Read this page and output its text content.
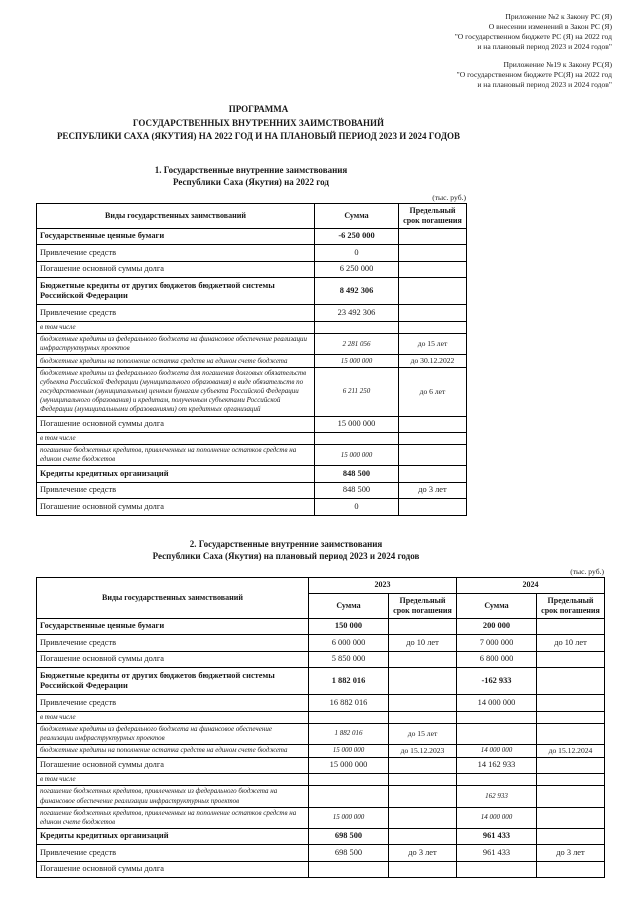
Приложение №2 к Закону РС (Я)
О внесении изменений в Закон РС (Я)
"О государственном бюджете РС (Я) на 2022 год
и на плановый период 2023 и 2024 годов"
Приложение №19 к Закону РС(Я)
"О государственном бюджете РС(Я) на 2022 год
и на плановый период 2023 и 2024 годов"
ПРОГРАММА
ГОСУДАРСТВЕННЫХ ВНУТРЕННИХ ЗАИМСТВОВАНИЙ
РЕСПУБЛИКИ САХА (ЯКУТИЯ) НА 2022 ГОД И НА ПЛАНОВЫЙ ПЕРИОД 2023 И 2024 ГОДОВ
1. Государственные внутренние заимствования
Республики Саха (Якутия) на 2022 год
(тыс. руб.)
Виды государственных заимствований	Сумма	Предельный срок погашения
Государственные ценные бумаги	-6 250 000	
Привлечение средств	0	
Погашение основной суммы долга	6 250 000	
Бюджетные кредиты от других бюджетов бюджетной системы Российской Федерации	8 492 306	
Привлечение средств	23 492 306	
в том числе		
бюджетные кредиты из федерального бюджета на финансовое обеспечение реализации инфраструктурных проектов	2 281 056	до 15 лет
бюджетные кредиты на пополнение остатка средств на едином счете бюджета	15 000 000	до 30.12.2022
бюджетные кредиты из федерального бюджета для погашения долговых обязательств субъекта Российской Федерации (муниципального образования) в виде обязательств по государственным (муниципальным) ценным бумагам субъекта Российской Федерации (муниципального образования) и кредитам, полученным субъектами Российской Федерации (муниципальными образованиями) от кредитных организаций	6 211 250	до 6 лет
Погашение основной суммы долга	15 000 000	
в том числе		
погашение бюджетных кредитов, привлеченных на пополнение остатков средств на едином счете бюджетов	15 000 000	
Кредиты кредитных организаций	848 500	
Привлечение средств	848 500	до 3 лет
Погашение основной суммы долга	0	
2. Государственные внутренние заимствования
Республики Саха (Якутия) на плановый период 2023 и 2024 годов
(тыс. руб.)
Виды государственных заимствований	2023		2024	
	Сумма	Предельный срок погашения	Сумма	Предельный срок погашения
Государственные ценные бумаги	150 000		200 000	
Привлечение средств	6 000 000	до 10 лет	7 000 000	до 10 лет
Погашение основной суммы долга	5 850 000		6 800 000	
Бюджетные кредиты от других бюджетов бюджетной системы Российской Федерации	1 882 016		-162 933	
Привлечение средств	16 882 016		14 000 000	
в том числе				
бюджетные кредиты из федерального бюджета на финансовое обеспечение реализации инфраструктурных проектов	1 882 016	до 15 лет		
бюджетные кредиты на пополнение остатка средств на едином счете бюджета	15 000 000	до 15.12.2023	14 000 000	до 15.12.2024
Погашение основной суммы долга	15 000 000		14 162 933	
в том числе				
погашение бюджетных кредитов, привлеченных из федерального бюджета на финансовое обеспечение реализации инфраструктурных проектов			162 933	
погашение бюджетных кредитов, привлеченных на пополнение остатков средств на едином счете бюджетов	15 000 000		14 000 000	
Кредиты кредитных организаций	698 500		961 433	
Привлечение средств	698 500	до 3 лет	961 433	до 3 лет
Погашение основной суммы долга				
